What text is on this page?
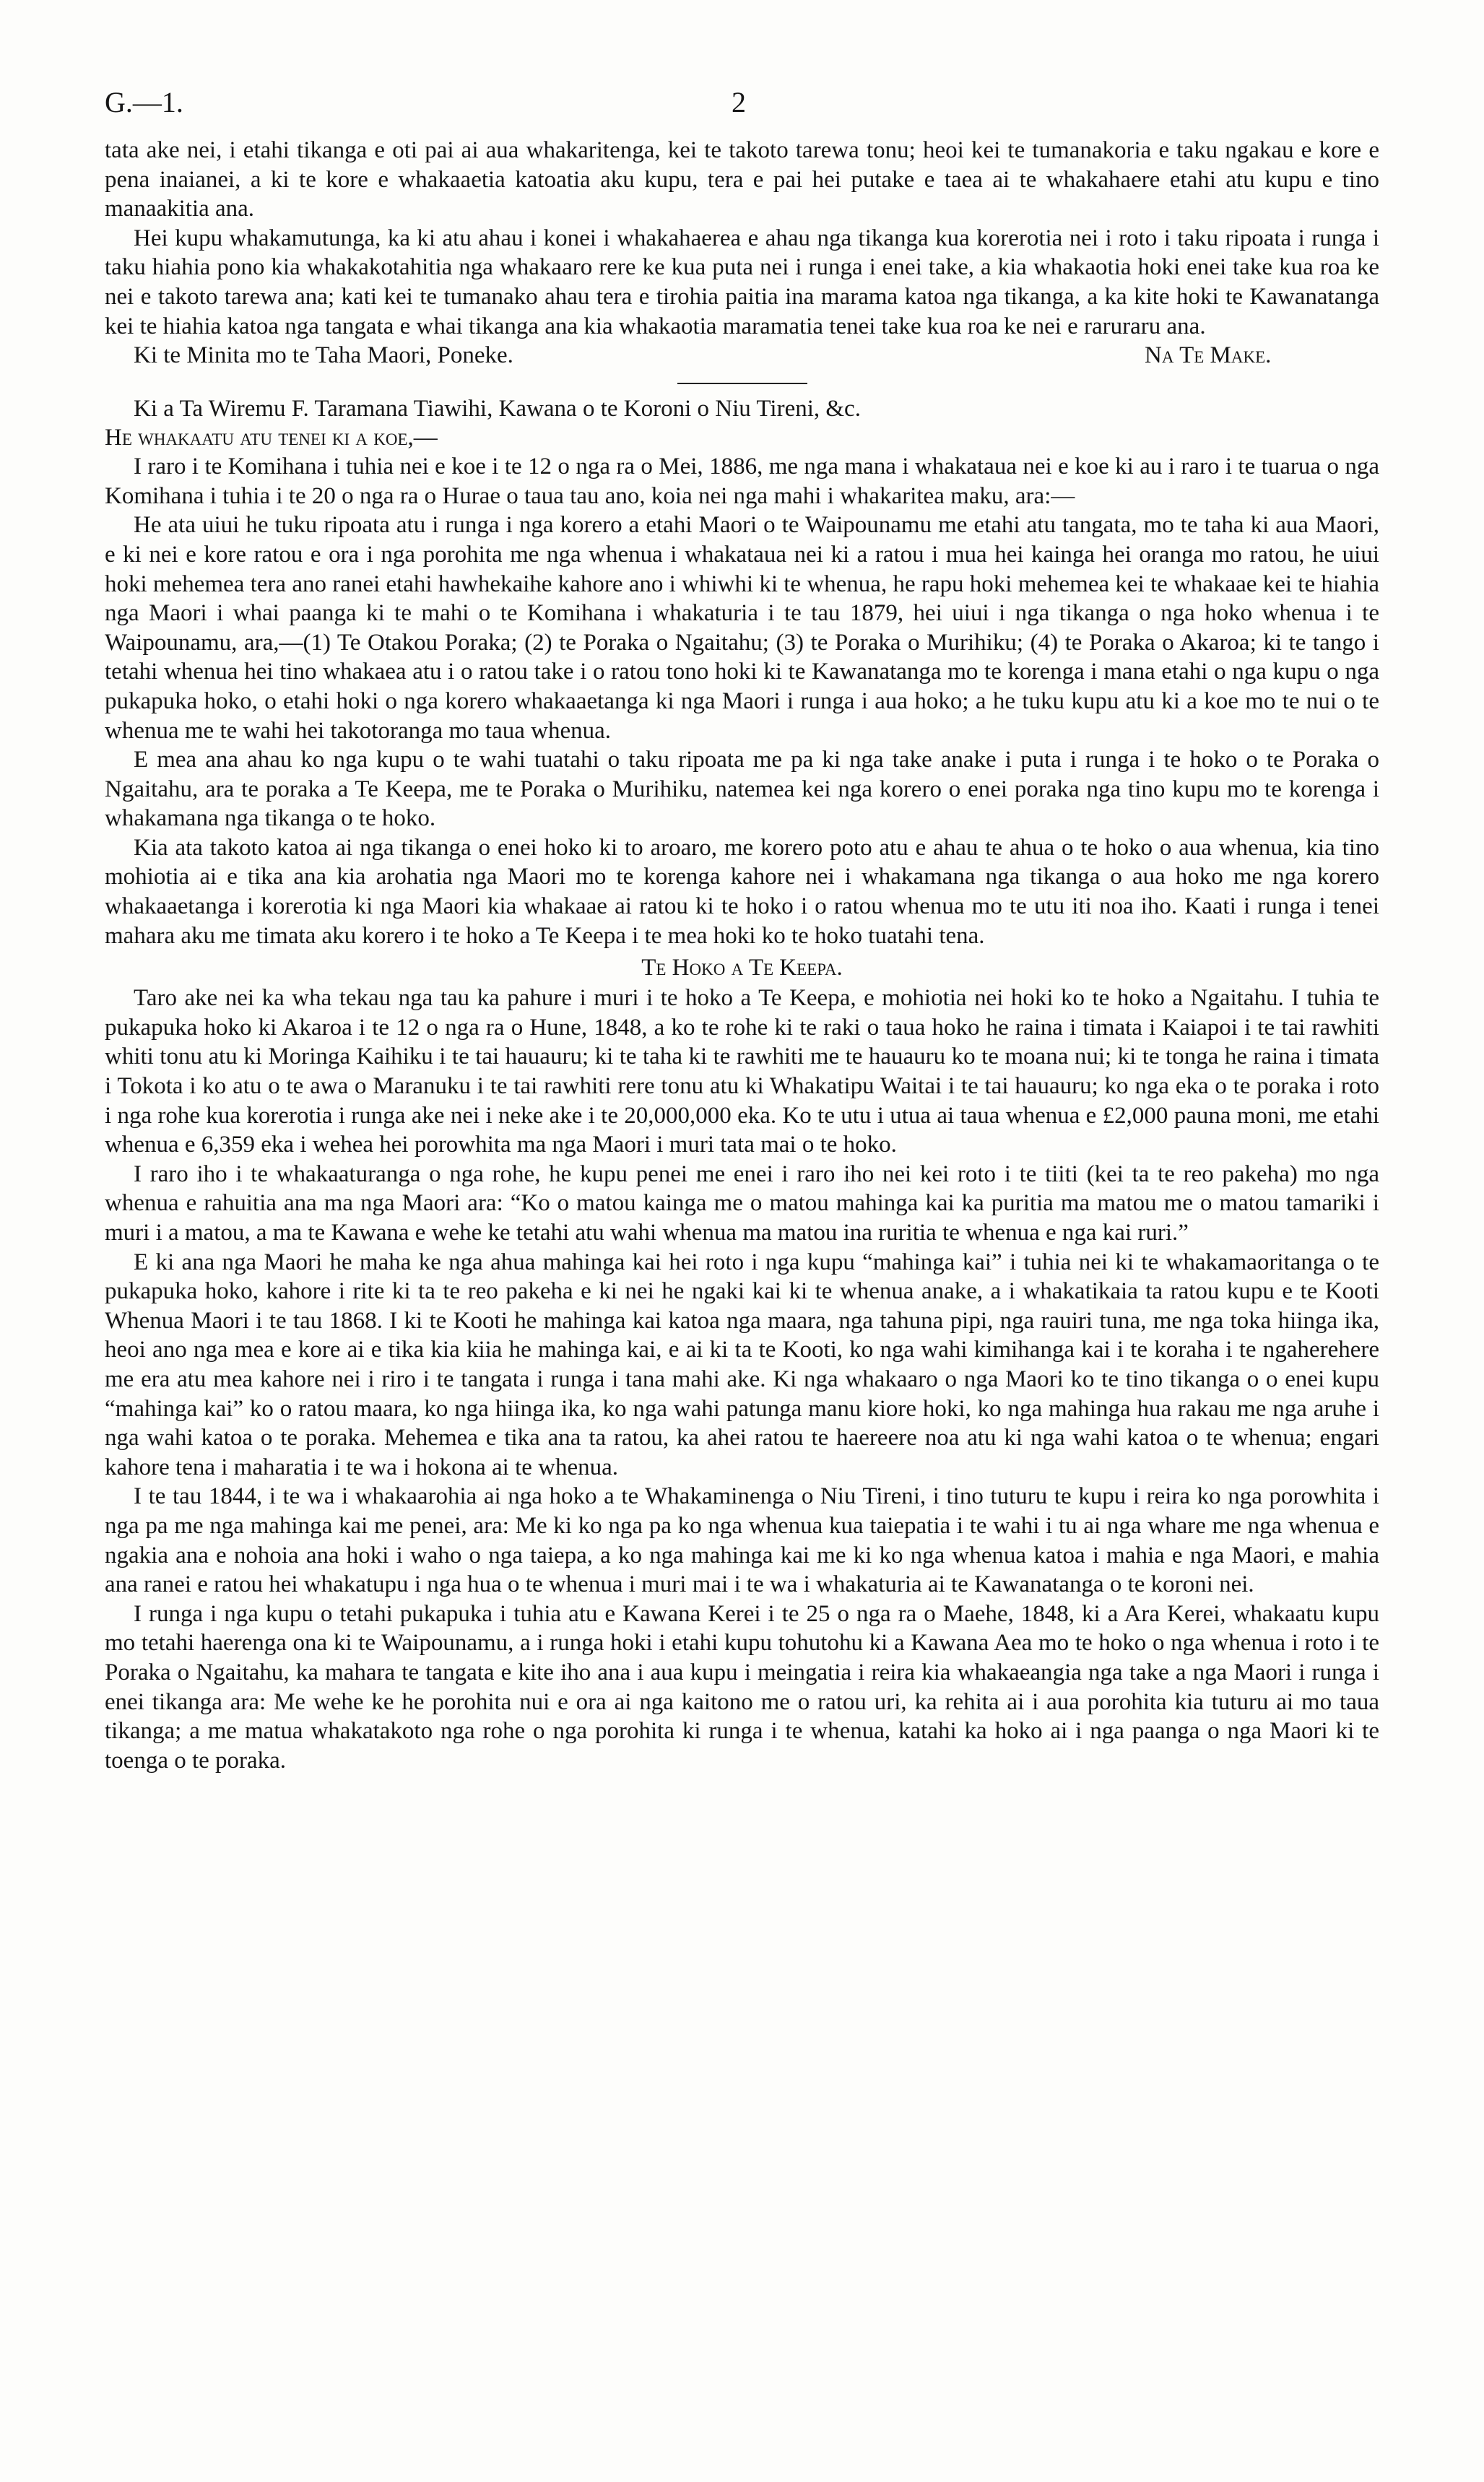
G.—1.	2

tata ake nei, i etahi tikanga e oti pai ai aua whakaritenga, kei te takoto tarewa tonu; heoi kei te tumanakoria e taku ngakau e kore e pena inaianei, a ki te kore e whakaaetia katoatia aku kupu, tera e pai hei putake e taea ai te whakahaere etahi atu kupu e tino manaakitia ana.

Hei kupu whakamutunga, ka ki atu ahau i konei i whakahaerea e ahau nga tikanga kua korerotia nei i roto i taku ripoata i runga i taku hiahia pono kia whakakotahitia nga whakaaro rere ke kua puta nei i runga i enei take, a kia whakaotia hoki enei take kua roa ke nei e takoto tarewa ana; kati kei te tumanako ahau tera e tirohia paitia ina marama katoa nga tikanga, a ka kite hoki te Kawanatanga kei te hiahia katoa nga tangata e whai tikanga ana kia whakaotia maramatia tenei take kua roa ke nei e raruraru ana.

Ki te Minita mo te Taha Maori, Poneke.	Na Te Make.
Ki a Ta Wiremu F. Taramana Tiawihi, Kawana o te Koroni o Niu Tireni, &c.
He whakaatu atu tenei ki a koe,—

I raro i te Komihana i tuhia nei e koe i te 12 o nga ra o Mei, 1886, me nga mana i whakataua nei e koe ki au i raro i te tuarua o nga Komihana i tuhia i te 20 o nga ra o Hurae o taua tau ano, koia nei nga mahi i whakaritea maku, ara:—

He ata uiui he tuku ripoata atu i runga i nga korero a etahi Maori o te Waipounamu me etahi atu tangata, mo te taha ki aua Maori, e ki nei e kore ratou e ora i nga porohita me nga whenua i whakataua nei ki a ratou i mua hei kainga hei oranga mo ratou, he uiui hoki mehemea tera ano ranei etahi hawhekaihe kahore ano i whiwhi ki te whenua, he rapu hoki mehemea kei te whakaae kei te hiahia nga Maori i whai paanga ki te mahi o te Komihana i whakaturia i te tau 1879, hei uiui i nga tikanga o nga hoko whenua i te Waipounamu, ara,—(1) Te Otakou Poraka; (2) te Poraka o Ngaitahu; (3) te Poraka o Murihiku; (4) te Poraka o Akaroa; ki te tango i tetahi whenua hei tino whakaea atu i o ratou take i o ratou tono hoki ki te Kawanatanga mo te korenga i mana etahi o nga kupu o nga pukapuka hoko, o etahi hoki o nga korero whakaaetanga ki nga Maori i runga i aua hoko; a he tuku kupu atu ki a koe mo te nui o te whenua me te wahi hei takotoranga mo taua whenua.

E mea ana ahau ko nga kupu o te wahi tuatahi o taku ripoata me pa ki nga take anake i puta i runga i te hoko o te Poraka o Ngaitahu, ara te poraka a Te Keepa, me te Poraka o Murihiku, natemea kei nga korero o enei poraka nga tino kupu mo te korenga i whakamana nga tikanga o te hoko.

Kia ata takoto katoa ai nga tikanga o enei hoko ki to aroaro, me korero poto atu e ahau te ahua o te hoko o aua whenua, kia tino mohiotia ai e tika ana kia arohatia nga Maori mo te korenga kahore nei i whakamana nga tikanga o aua hoko me nga korero whakaaetanga i korerotia ki nga Maori kia whakaae ai ratou ki te hoko i o ratou whenua mo te utu iti noa iho. Kaati i runga i tenei mahara aku me timata aku korero i te hoko a Te Keepa i te mea hoki ko te hoko tuatahi tena.

Te Hoko a Te Keepa.

Taro ake nei ka wha tekau nga tau ka pahure i muri i te hoko a Te Keepa, e mohiotia nei hoki ko te hoko a Ngaitahu. I tuhia te pukapuka hoko ki Akaroa i te 12 o nga ra o Hune, 1848, a ko te rohe ki te raki o taua hoko he raina i timata i Kaiapoi i te tai rawhiti whiti tonu atu ki Moringa Kaihiku i te tai hauauru; ki te taha ki te rawhiti me te hauauru ko te moana nui; ki te tonga he raina i timata i Tokota i ko atu o te awa o Maranuku i te tai rawhiti rere tonu atu ki Whakatipu Waitai i te tai hauauru; ko nga eka o te poraka i roto i nga rohe kua korerotia i runga ake nei i neke ake i te 20,000,000 eka. Ko te utu i utua ai taua whenua e £2,000 pauna moni, me etahi whenua e 6,359 eka i wehea hei porowhita ma nga Maori i muri tata mai o te hoko.

I raro iho i te whakaaturanga o nga rohe, he kupu penei me enei i raro iho nei kei roto i te tiiti (kei ta te reo pakeha) mo nga whenua e rahuitia ana ma nga Maori ara: “Ko o matou kainga me o matou mahinga kai ka puritia ma matou me o matou tamariki i muri i a matou, a ma te Kawana e wehe ke tetahi atu wahi whenua ma matou ina ruritia te whenua e nga kai ruri.”

E ki ana nga Maori he maha ke nga ahua mahinga kai hei roto i nga kupu “mahinga kai” i tuhia nei ki te whakamaoritanga o te pukapuka hoko, kahore i rite ki ta te reo pakeha e ki nei he ngaki kai ki te whenua anake, a i whakatikaia ta ratou kupu e te Kooti Whenua Maori i te tau 1868. I ki te Kooti he mahinga kai katoa nga maara, nga tahuna pipi, nga rauiri tuna, me nga toka hiinga ika, heoi ano nga mea e kore ai e tika kia kiia he mahinga kai, e ai ki ta te Kooti, ko nga wahi kimihanga kai i te koraha i te ngaherehere me era atu mea kahore nei i riro i te tangata i runga i tana mahi ake. Ki nga whakaaro o nga Maori ko te tino tikanga o o enei kupu “mahinga kai” ko o ratou maara, ko nga hiinga ika, ko nga wahi patunga manu kiore hoki, ko nga mahinga hua rakau me nga aruhe i nga wahi katoa o te poraka. Mehemea e tika ana ta ratou, ka ahei ratou te haereere noa atu ki nga wahi katoa o te whenua; engari kahore tena i maharatia i te wa i hokona ai te whenua.

I te tau 1844, i te wa i whakaarohia ai nga hoko a te Whakaminenga o Niu Tireni, i tino tuturu te kupu i reira ko nga porowhita i nga pa me nga mahinga kai me penei, ara: Me ki ko nga pa ko nga whenua kua taiepatia i te wahi i tu ai nga whare me nga whenua e ngakia ana e nohoia ana hoki i waho o nga taiepa, a ko nga mahinga kai me ki ko nga whenua katoa i mahia e nga Maori, e mahia ana ranei e ratou hei whakatupu i nga hua o te whenua i muri mai i te wa i whakaturia ai te Kawanatanga o te koroni nei.

I runga i nga kupu o tetahi pukapuka i tuhia atu e Kawana Kerei i te 25 o nga ra o Maehe, 1848, ki a Ara Kerei, whakaatu kupu mo tetahi haerenga ona ki te Waipounamu, a i runga hoki i etahi kupu tohutohu ki a Kawana Aea mo te hoko o nga whenua i roto i te Poraka o Ngaitahu, ka mahara te tangata e kite iho ana i aua kupu i meingatia i reira kia whakaeangia nga take a nga Maori i runga i enei tikanga ara: Me wehe ke he porohita nui e ora ai nga kaitono me o ratou uri, ka rehita ai i aua porohita kia tuturu ai mo taua tikanga; a me matua whakatakoto nga rohe o nga porohita ki runga i te whenua, katahi ka hoko ai i nga paanga o nga Maori ki te toenga o te poraka.
